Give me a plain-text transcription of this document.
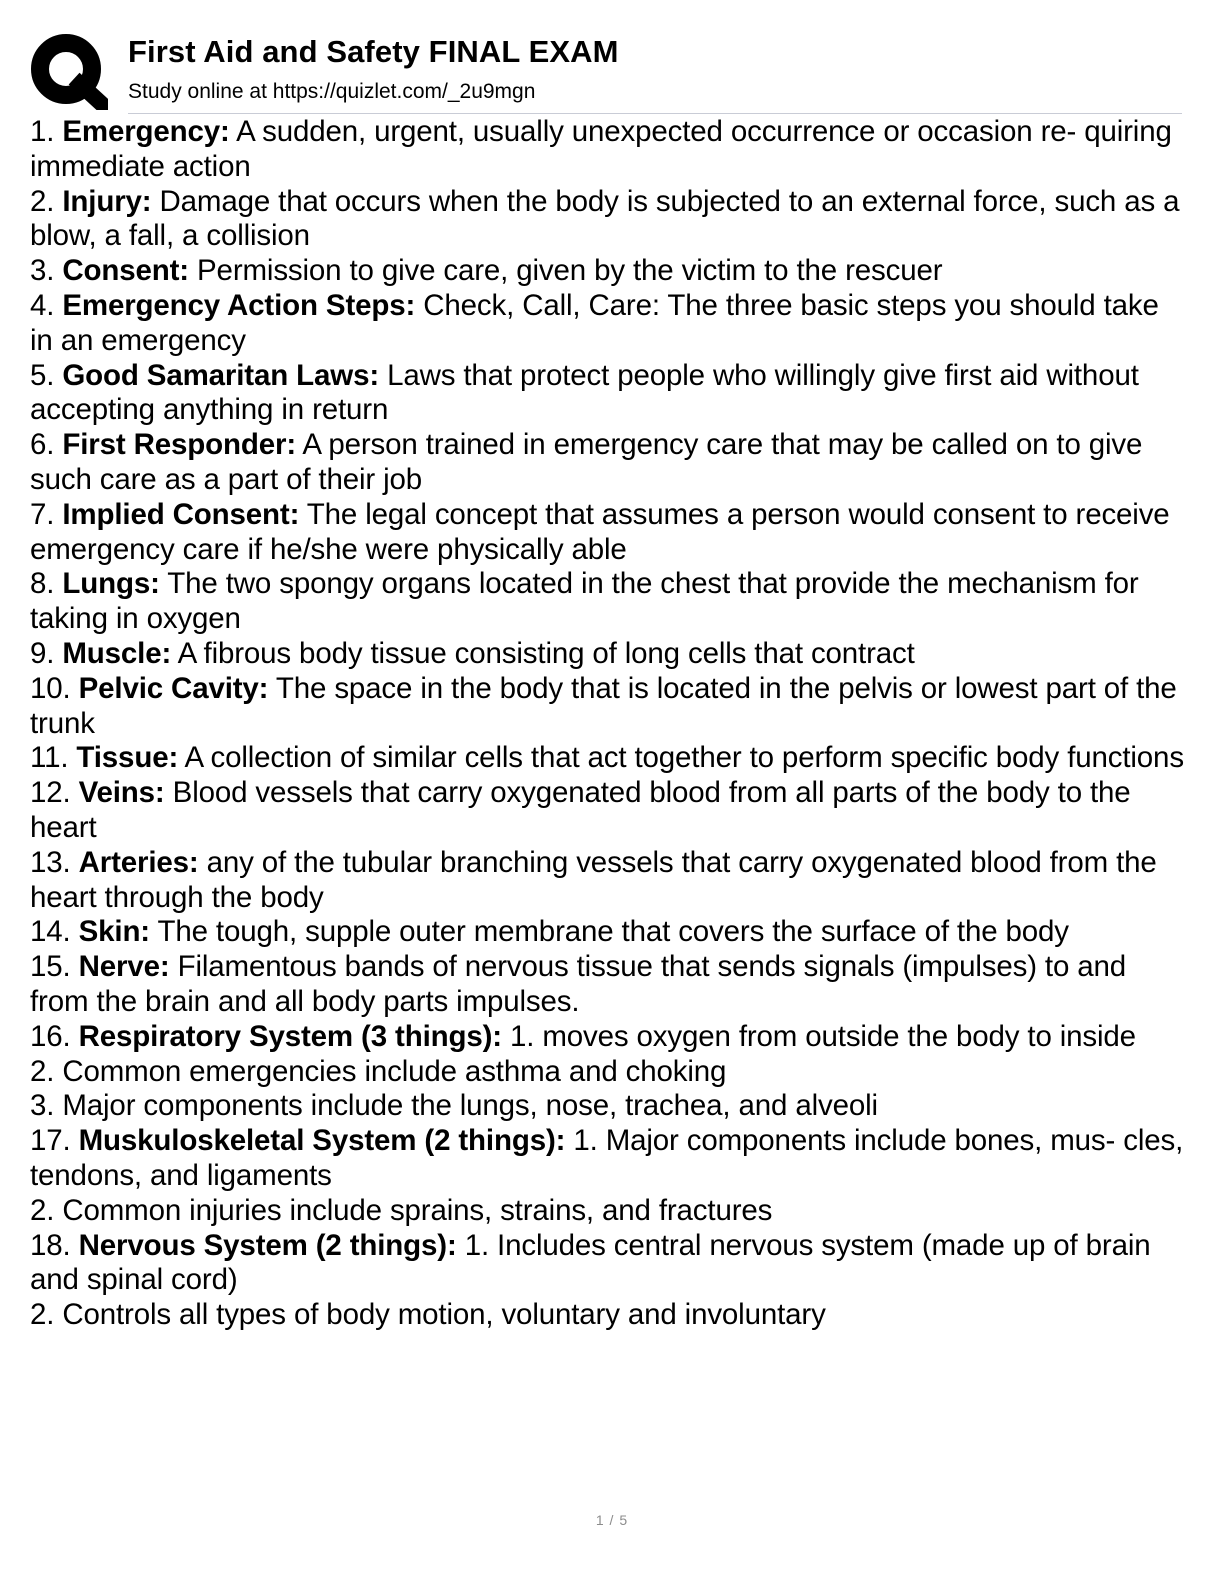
First Aid and Safety FINAL EXAM
Study online at https://quizlet.com/_2u9mgn
1. Emergency: A sudden, urgent, usually unexpected occurrence or occasion re- quiring immediate action
2. Injury: Damage that occurs when the body is subjected to an external force, such as a blow, a fall, a collision
3. Consent: Permission to give care, given by the victim to the rescuer
4. Emergency Action Steps: Check, Call, Care: The three basic steps you should take in an emergency
5. Good Samaritan Laws: Laws that protect people who willingly give first aid without accepting anything in return
6. First Responder: A person trained in emergency care that may be called on to give such care as a part of their job
7. Implied Consent: The legal concept that assumes a person would consent to receive emergency care if he/she were physically able
8. Lungs: The two spongy organs located in the chest that provide the mechanism for taking in oxygen
9. Muscle: A fibrous body tissue consisting of long cells that contract
10. Pelvic Cavity: The space in the body that is located in the pelvis or lowest part of the trunk
11. Tissue: A collection of similar cells that act together to perform specific body functions
12. Veins: Blood vessels that carry oxygenated blood from all parts of the body to the heart
13. Arteries: any of the tubular branching vessels that carry oxygenated blood from the heart through the body
14. Skin: The tough, supple outer membrane that covers the surface of the body
15. Nerve: Filamentous bands of nervous tissue that sends signals (impulses) to and from the brain and all body parts impulses.
16. Respiratory System (3 things): 1. moves oxygen from outside the body to inside
2. Common emergencies include asthma and choking
3. Major components include the lungs, nose, trachea, and alveoli
17. Muskuloskeletal System (2 things): 1. Major components include bones, mus- cles, tendons, and ligaments
2. Common injuries include sprains, strains, and fractures
18. Nervous System (2 things): 1. Includes central nervous system (made up of brain and spinal cord)
2. Controls all types of body motion, voluntary and involuntary
1 / 5
